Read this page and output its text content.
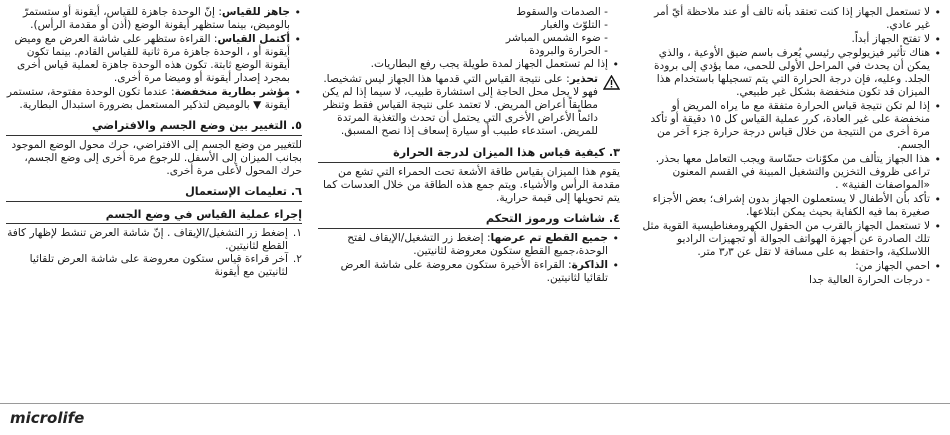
• لا تستعمل الجهاز إذا كنت تعتقد بأنه تالف أو عند ملاحظة أيّ أمر غير عادي.
• لا تفتح الجهاز أبداً.
• هناك تأثير فيزيولوجي رئيسي يُعرف باسم ضيق الأوعية ، والذي يمكن أن يحدث في المراحل الأولى للحمى، مما يؤدي إلى برودة الجلد. وعليه، فإن درجة الحرارة التي يتم تسجيلها باستخدام هذا الميزان قد تكون منخفضة بشكل غير طبيعي.
• إذا لم تكن نتيجة قياس الحرارة متفقة مع ما يراه المريض أو منخفضة على غير العادة، كرر عملية القياس كل ١٥ دقيقة أو تأكد مرة أخرى من النتيجة من خلال قياس درجة حرارة جزء آخر من الجسم.
• هذا الجهاز يتألف من مكوّنات حسّاسة ويجب التعامل معها بحذر. تراعى ظروف التخزين والتشغيل المبينة في القسم المعنون «المواصفات الفنية» .
• تأكد بأن الأطفال لا يستعملون الجهاز بدون إشراف؛ بعض الأجزاء صغيرة بما فيه الكفاية بحيث يمكن ابتلاعها.
• لا تستعمل الجهاز بالقرب من الحقول الكهرومغناطيسية القوية مثل تلك الصادرة عن أجهزة الهواتف الجوالة أو تجهيزات الراديو اللاسلكية، واحتفظ به على مسافة لا تقل عن ٣٫٣ متر.
• احمي الجهاز من:
- درجات الحرارة العالية جدا
- الصدمات والسقوط
- التلوّث والغبار
- ضوء الشمس المباشر
- الحرارة والبرودة
• إذا لم تستعمل الجهاز لمدة طويلة يجب رفع البطاريات.

تحذير: على نتيجة القياس التي قدمها هذا الجهاز ليس تشخيصا. فهو لا يحل محل الحاجة إلى استشارة طبيب، لا سيما إذا لم يكن مطابقاً أعراض المريض. لا تعتمد على نتيجة القياس فقط وتنظر دائماً الأعراض الأخرى التي يحتمل أن تحدث والتغذية المرتدة للمريض. استدعاء طبيب أو سيارة إسعاف إذا نصح المسبق.

٣. كيفية قياس هذا الميزان لدرجة الحرارة

يقوم هذا الميزان بقياس طاقة الأشعة تحت الحمراء التي تشع من مقدمة الرأس والأشياء. ويتم جمع هذه الطاقة من خلال العدسات كما يتم تحويلها إلى قيمة حرارية.

٤. شاشات ورموز التحكم
• جميع القطع تم عرضها: إضغط زر التشغيل/الإيقاف لفتح الوحدة،جميع القطع ستكون معروضة لثانيتين.
• الذاكرة: القراءة الأخيرة ستكون معروضة على شاشة العرض تلقائيا لثانيتين.
• جاهز للقياس: إنّ الوحدة جاهزة للقياس، أيقونة أو ستستمرّ بالوميض، بينما ستظهر أيقونة الوضع (أذن أو مقدمة الرأس).
• أكتمل القياس: القراءة ستظهر على شاشة العرض مع وميض أيقونة أو ، الوحدة جاهزة مرة ثانية للقياس القادم. بينما تكون أيقونة الوضع ثابتة. تكون هذه الوحدة جاهزة لعملية قياس أخرى بمجرد إصدار أيقونة أو وميضا مرة أخرى.
• مؤشر بطارية منخفضة: عندما تكون الوحدة مفتوحة، ستستمر أيقونة ▼ بالوميض لتذكير المستعمل بضرورة استبدال البطارية.
٥. التغيير بين وضع الجسم والافتراضي

للتغيير من وضع الجسم إلى الافتراضي، حرك محول الوضع الموجود بجانب الميزان إلى الأسفل. للرجوع مرة أخرى إلى وضع الجسم، حرك المحول لأعلى مرة أخرى.

٦. تعليمات الإستعمال
إجراء عملية القياس في وضع الجسم
١.
إضغط زر التشغيل/الإيقاف . إنّ شاشة العرض تنشط لإظهار كافة القطع لثانيتين.
٢.
آخر قراءة قياس ستكون معروضة على شاشة العرض تلقائيا لثانيتين مع أيقونة
microlife
